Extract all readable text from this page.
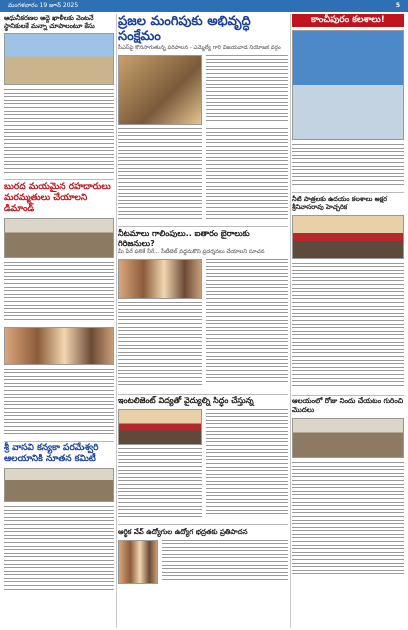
మంగళవారం 19 జూన్ 2025	5
ఆధునీకరణల అద్దె ఖాళీలకు వెంటనే స్థానికులకే మన్నా చూపాలంటూ కేసు
బురద మయమైన రహదారులు మరమ్మతులు చేయాలని డిమాండ్
శ్రీ వాసవి కన్యకా పరమేశ్వరి ఆలయానికి నూతన కమిటీ
ప్రజల మంగిపుకు అభివృద్ధి సంక్షేమం
సీఎస్‌పై కొనసాగుతున్న పరిపాలన - ఎమ్మెల్యే గారి విజయవాడ నియోజక వర్గం
నీటమాలు గాలింపులు.. ఐతారం బైరాలుకు గిరిజనులు?
మీ పేరే పలికే నీరే... సీటీటెల్ వద్దనుకొని ప్రదర్శనలు చేయాలని సూచన
ఇంటలిజెంట్ విద్యతో వైద్యుల్ని సిద్ధం చేస్తున్న
ఆర్థిక వేవ్ ఉద్యోగుల ఉద్యోగ భద్రతకు ప్రతిపాదన
కాంచీపురం కలశాలు!
నీటి పాత్రలకు ఉదయం కలశాలు అక్షర శ్రీనివాసరావు హెచ్చరిక
ఆలయంలో రోజు నిందు చేయటం గురించి మొదలు
